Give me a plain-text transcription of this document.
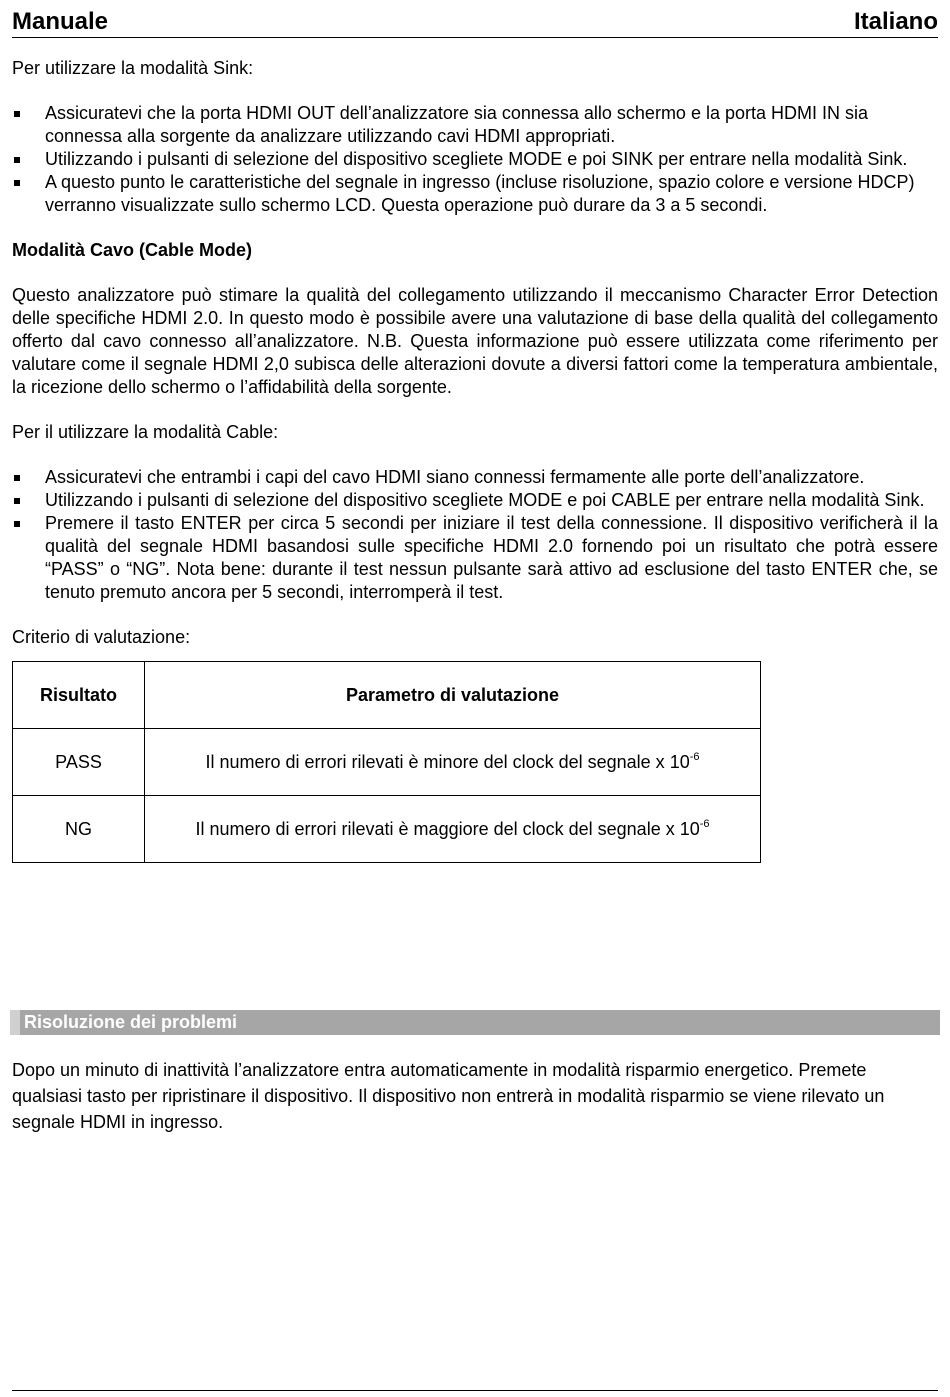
Manuale	Italiano

Per utilizzare la modalità Sink:

Assicuratevi che la porta HDMI OUT dell’analizzatore sia connessa allo schermo e la porta HDMI IN sia connessa alla sorgente da analizzare utilizzando cavi HDMI appropriati.
Utilizzando i pulsanti di selezione del dispositivo scegliete MODE e poi SINK per entrare nella modalità Sink.
A questo punto le caratteristiche del segnale in ingresso (incluse risoluzione, spazio colore e versione HDCP) verranno visualizzate sullo schermo LCD. Questa operazione può durare da 3 a 5 secondi.

Modalità Cavo (Cable Mode)

Questo analizzatore può stimare la qualità del collegamento utilizzando il meccanismo Character Error Detection delle specifiche HDMI 2.0. In questo modo è possibile avere una valutazione di base della qualità del collegamento offerto dal cavo connesso all’analizzatore. N.B. Questa informazione può essere utilizzata come riferimento per valutare come il segnale HDMI 2,0 subisca delle alterazioni dovute a diversi fattori come la temperatura ambientale, la ricezione dello schermo o l’affidabilità della sorgente.

Per il utilizzare la modalità Cable:

Assicuratevi che entrambi i capi del cavo HDMI siano connessi fermamente alle porte dell’analizzatore.
Utilizzando i pulsanti di selezione del dispositivo scegliete MODE e poi CABLE per entrare nella modalità Sink.
Premere il tasto ENTER per circa 5 secondi per iniziare il test della connessione. Il dispositivo verificherà il la qualità del segnale HDMI basandosi sulle specifiche HDMI 2.0 fornendo poi un risultato che potrà essere “PASS” o “NG”. Nota bene: durante il test nessun pulsante sarà attivo ad esclusione del tasto ENTER che, se tenuto premuto ancora per 5 secondi, interromperà il test.

Criterio di valutazione:

Risultato	Parametro di valutazione
PASS	Il numero di errori rilevati è minore del clock del segnale x $10^{-6}$
NG	Il numero di errori rilevati è maggiore del clock del segnale x $10^{-6}$
Risoluzione dei problemi

Dopo un minuto di inattività l’analizzatore entra automaticamente in modalità risparmio energetico. Premete qualsiasi tasto per ripristinare il dispositivo. Il dispositivo non entrerà in modalità risparmio se viene rilevato un segnale HDMI in ingresso.
